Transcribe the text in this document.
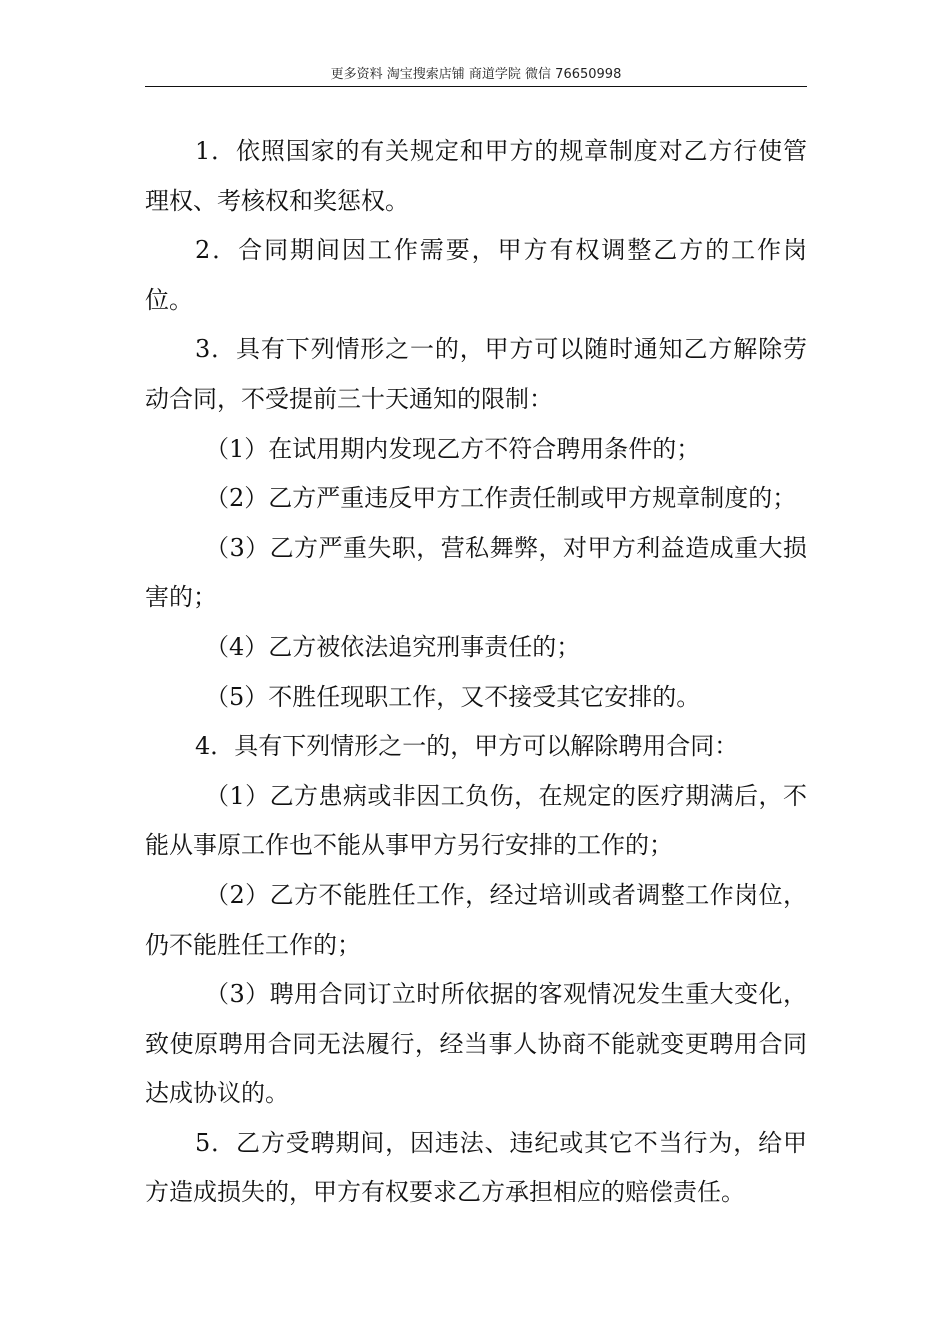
更多资料 淘宝搜索店铺 商道学院 微信 76650998

1．依照国家的有关规定和甲方的规章制度对乙方行使管理权、考核权和奖惩权。

2．合同期间因工作需要，甲方有权调整乙方的工作岗位。

3．具有下列情形之一的，甲方可以随时通知乙方解除劳动合同，不受提前三十天通知的限制：

（1）在试用期内发现乙方不符合聘用条件的；

（2）乙方严重违反甲方工作责任制或甲方规章制度的；

（3）乙方严重失职，营私舞弊，对甲方利益造成重大损害的；

（4）乙方被依法追究刑事责任的；

（5）不胜任现职工作，又不接受其它安排的。

4．具有下列情形之一的，甲方可以解除聘用合同：

（1）乙方患病或非因工负伤，在规定的医疗期满后，不能从事原工作也不能从事甲方另行安排的工作的；

（2）乙方不能胜任工作，经过培训或者调整工作岗位，仍不能胜任工作的；

（3）聘用合同订立时所依据的客观情况发生重大变化，致使原聘用合同无法履行，经当事人协商不能就变更聘用合同达成协议的。

5．乙方受聘期间，因违法、违纪或其它不当行为，给甲方造成损失的，甲方有权要求乙方承担相应的赔偿责任。
